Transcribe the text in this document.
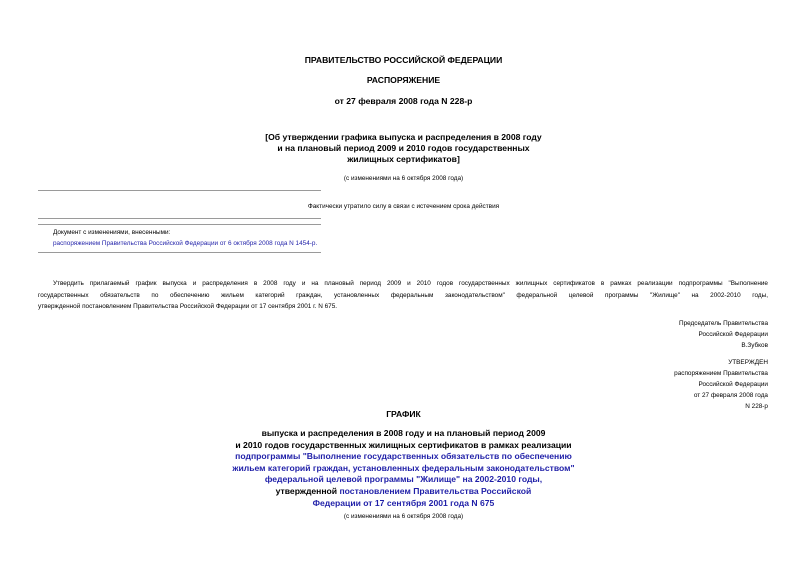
ПРАВИТЕЛЬСТВО РОССИЙСКОЙ ФЕДЕРАЦИИ
РАСПОРЯЖЕНИЕ
от 27 февраля 2008 года N 228-р
[Об утверждении графика выпуска и распределения в 2008 году
и на плановый период 2009 и 2010 годов государственных
жилищных сертификатов]
(с изменениями на 6 октября 2008 года)
Фактически утратило силу в связи с истечением срока действия
Документ с изменениями, внесенными:
распоряжением Правительства Российской Федерации от 6 октября 2008 года N 1454-р.
Утвердить прилагаемый график выпуска и распределения в 2008 году и на плановый период 2009 и 2010 годов государственных жилищных сертификатов в рамках реализации подпрограммы "Выполнение
государственных обязательств по обеспечению жильем категорий граждан, установленных федеральным законодательством" федеральной целевой программы "Жилище" на 2002-2010 годы,
утвержденной постановлением Правительства Российской Федерации от 17 сентября 2001 г. N 675.
Председатель Правительства
Российской Федерации
В.Зубков
УТВЕРЖДЕН
распоряжением Правительства
Российской Федерации
от 27 февраля 2008 года
N 228-р
ГРАФИК
выпуска и распределения в 2008 году и на плановый период 2009
и 2010 годов государственных жилищных сертификатов в рамках реализации
подпрограммы "Выполнение государственных обязательств по обеспечению
жильем категорий граждан, установленных федеральным законодательством"
федеральной целевой программы "Жилище" на 2002-2010 годы,
утвержденной постановлением Правительства Российской
Федерации от 17 сентября 2001 года N 675
(с изменениями на 6 октября 2008 года)
